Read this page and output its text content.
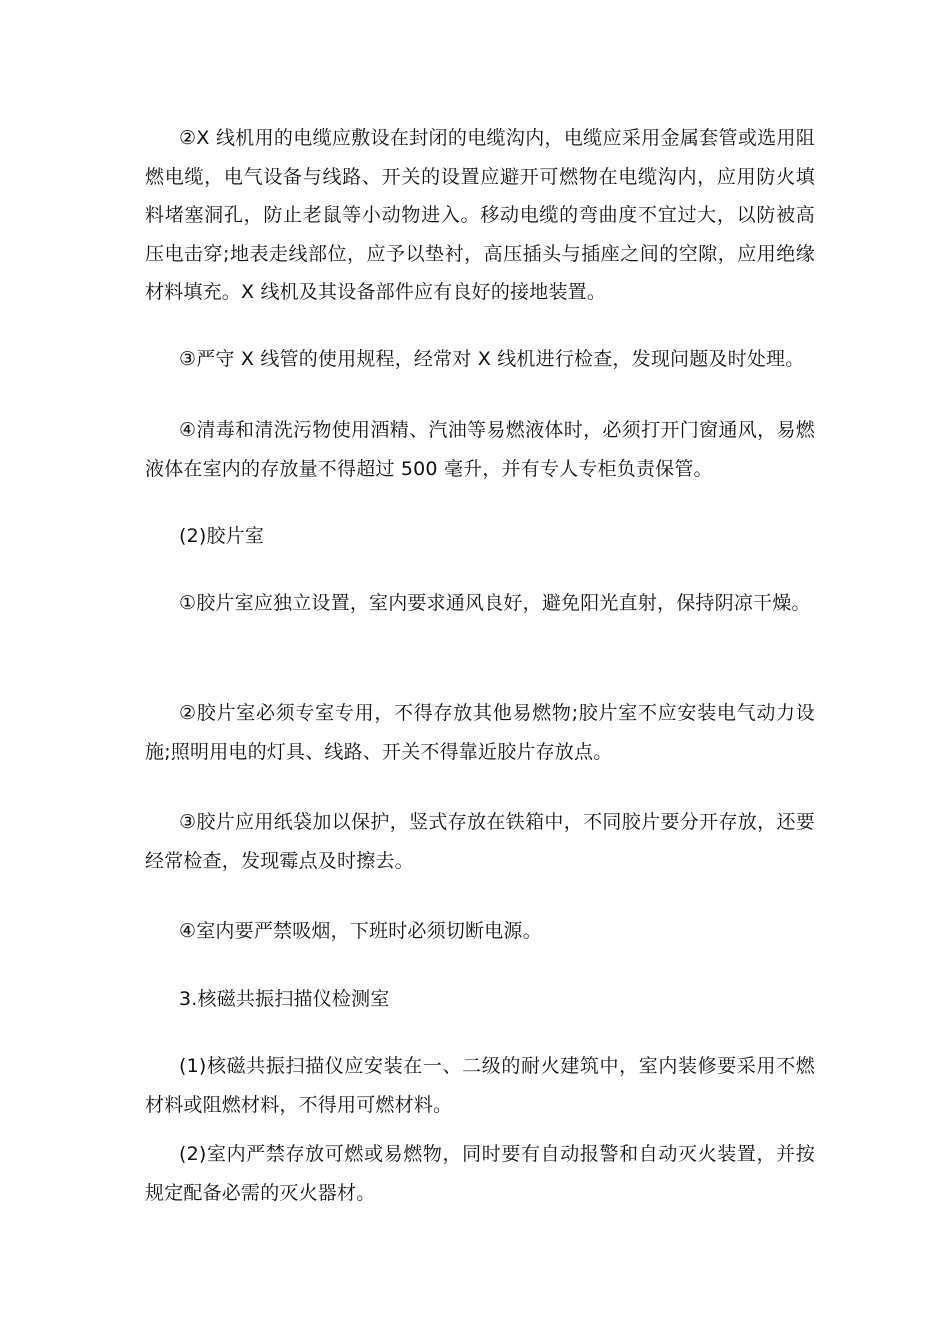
②X 线机用的电缆应敷设在封闭的电缆沟内，电缆应采用金属套管或选用阻燃电缆，电气设备与线路、开关的设置应避开可燃物在电缆沟内，应用防火填料堵塞洞孔，防止老鼠等小动物进入。移动电缆的弯曲度不宜过大，以防被高压电击穿;地表走线部位，应予以垫衬，高压插头与插座之间的空隙，应用绝缘材料填充。X 线机及其设备部件应有良好的接地装置。

③严守 X 线管的使用规程，经常对 X 线机进行检查，发现问题及时处理。

④清毒和清洗污物使用酒精、汽油等易燃液体时，必须打开门窗通风，易燃液体在室内的存放量不得超过 500 毫升，并有专人专柜负责保管。

(2)胶片室

①胶片室应独立设置，室内要求通风良好，避免阳光直射，保持阴凉干燥。

②胶片室必须专室专用，不得存放其他易燃物;胶片室不应安装电气动力设施;照明用电的灯具、线路、开关不得靠近胶片存放点。

③胶片应用纸袋加以保护，竖式存放在铁箱中，不同胶片要分开存放，还要经常检查，发现霉点及时擦去。

④室内要严禁吸烟，下班时必须切断电源。

3.核磁共振扫描仪检测室

(1)核磁共振扫描仪应安装在一、二级的耐火建筑中，室内装修要采用不燃材料或阻燃材料，不得用可燃材料。

(2)室内严禁存放可燃或易燃物，同时要有自动报警和自动灭火装置，并按规定配备必需的灭火器材。
